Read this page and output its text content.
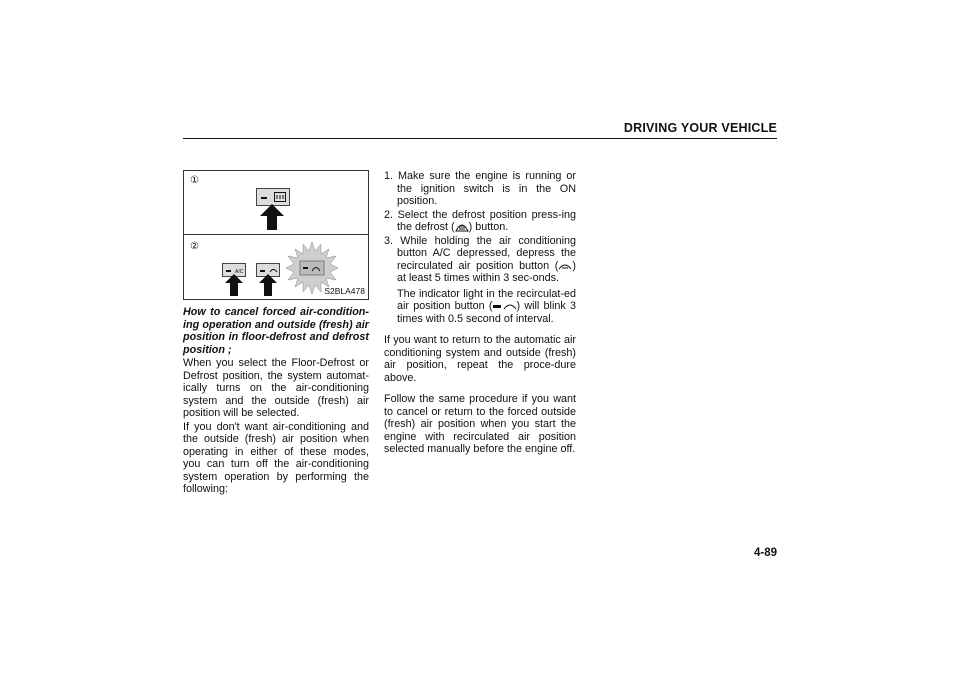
DRIVING YOUR VEHICLE
①
②
A/C
S2BLA478

How to cancel forced air-condition-ing operation and outside (fresh) air position in floor-defrost and defrost position ;

When you select the Floor-Defrost or Defrost position, the system automat-ically turns on the air-conditioning system and the outside (fresh) air position will be selected.

If you don't want air-conditioning and the outside (fresh) air position when operating in either of these modes, you can turn off the air-conditioning system operation by performing the following:

1. Make sure the engine is running or the ignition switch is in the ON position.
2. Select the defrost position press-ing the defrost ( ) button.
3. While holding the air conditioning button A/C depressed, depress the recirculated air position button ( ) at least 5 times within 3 sec-onds.

The indicator light in the recirculat-ed air position button ( ) will blink 3 times with 0.5 second of interval.

If you want to return to the automatic air conditioning system and outside (fresh) air position, repeat the proce-dure above.

Follow the same procedure if you want to cancel or return to the forced outside (fresh) air position when you start the engine with recirculated air position selected manually before the engine off.

4-89
